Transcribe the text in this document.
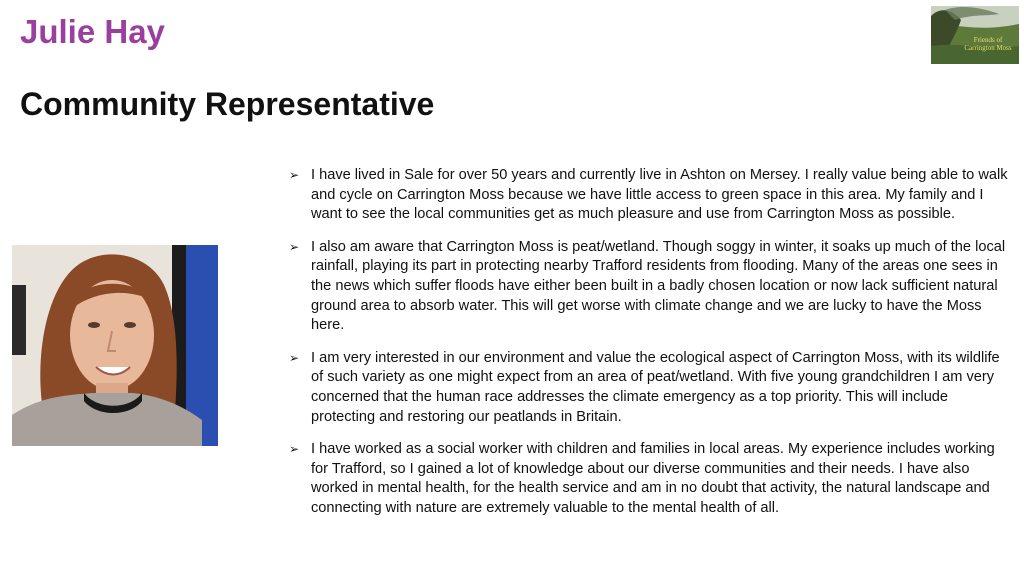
Julie Hay
Community Representative
Friends of Carrington Moss
➢ I have lived in Sale for over 50 years and currently live in Ashton on Mersey. I really value being able to walk and cycle on Carrington Moss because we have little access to green space in this area. My family and I want to see the local communities get as much pleasure and use from Carrington Moss as possible.
➢ I also am aware that Carrington Moss is peat/wetland. Though soggy in winter, it soaks up much of the local rainfall, playing its part in protecting nearby Trafford residents from flooding. Many of the areas one sees in the news which suffer floods have either been built in a badly chosen location or now lack sufficient natural ground area to absorb water. This will get worse with climate change and we are lucky to have the Moss here.
➢ I am very interested in our environment and value the ecological aspect of Carrington Moss, with its wildlife of such variety as one might expect from an area of peat/wetland. With five young grandchildren I am very concerned that the human race addresses the climate emergency as a top priority. This will include protecting and restoring our peatlands in Britain.
➢ I have worked as a social worker with children and families in local areas. My experience includes working for Trafford, so I gained a lot of knowledge about our diverse communities and their needs. I have also worked in mental health, for the health service and am in no doubt that activity, the natural landscape and connecting with nature are extremely valuable to the mental health of all.
